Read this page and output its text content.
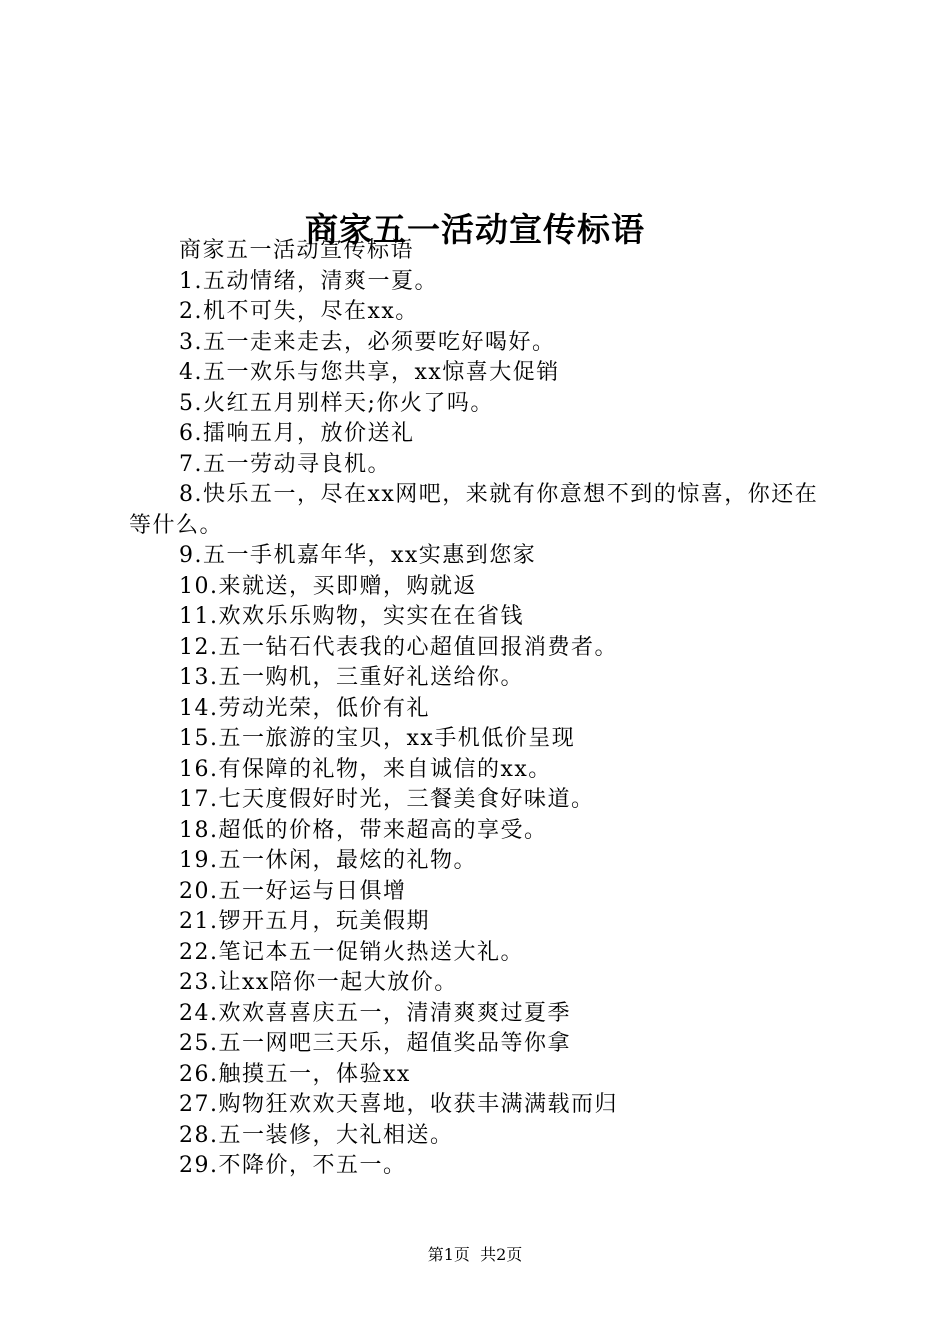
商家五一活动宣传标语

商家五一活动宣传标语

1.五动情绪，清爽一夏。

2.机不可失，尽在xx。

3.五一走来走去，必须要吃好喝好。

4.五一欢乐与您共享，xx惊喜大促销

5.火红五月别样天;你火了吗。

6.擂响五月，放价送礼

7.五一劳动寻良机。

8.快乐五一，尽在xx网吧，来就有你意想不到的惊喜，你还在等什么。

9.五一手机嘉年华，xx实惠到您家

10.来就送，买即赠，购就返

11.欢欢乐乐购物，实实在在省钱

12.五一钻石代表我的心超值回报消费者。

13.五一购机，三重好礼送给你。

14.劳动光荣，低价有礼

15.五一旅游的宝贝，xx手机低价呈现

16.有保障的礼物，来自诚信的xx。

17.七天度假好时光，三餐美食好味道。

18.超低的价格，带来超高的享受。

19.五一休闲，最炫的礼物。

20.五一好运与日俱增

21.锣开五月，玩美假期

22.笔记本五一促销火热送大礼。

23.让xx陪你一起大放价。

24.欢欢喜喜庆五一，清清爽爽过夏季

25.五一网吧三天乐，超值奖品等你拿

26.触摸五一，体验xx

27.购物狂欢欢天喜地，收获丰满满载而归

28.五一装修，大礼相送。

29.不降价，不五一。

第1页  共2页
